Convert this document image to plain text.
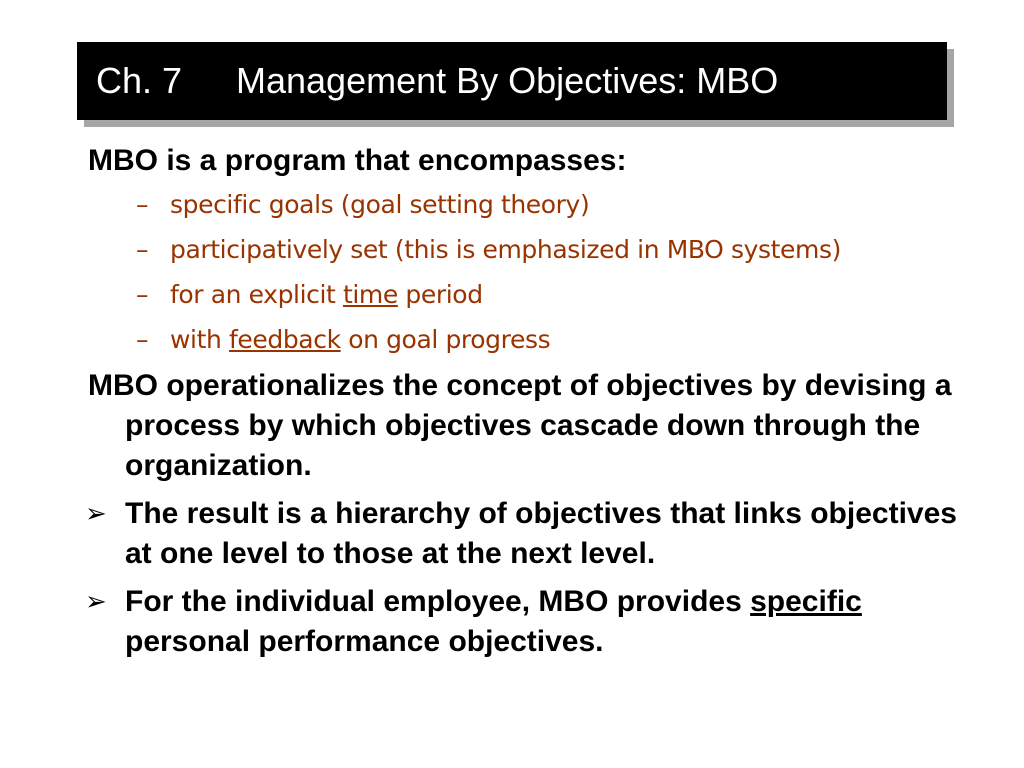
Ch. 7	Management By Objectives: MBO

MBO is a program that encompasses:

– specific goals (goal setting theory)
– participatively set (this is emphasized in MBO systems)
– for an explicit time period
– with feedback on goal progress

MBO operationalizes the concept of objectives by devising a process by which objectives cascade down through the organization.

➢ The result is a hierarchy of objectives that links objectives at one level to those at the next level.
➢ For the individual employee, MBO provides specific personal performance objectives.
